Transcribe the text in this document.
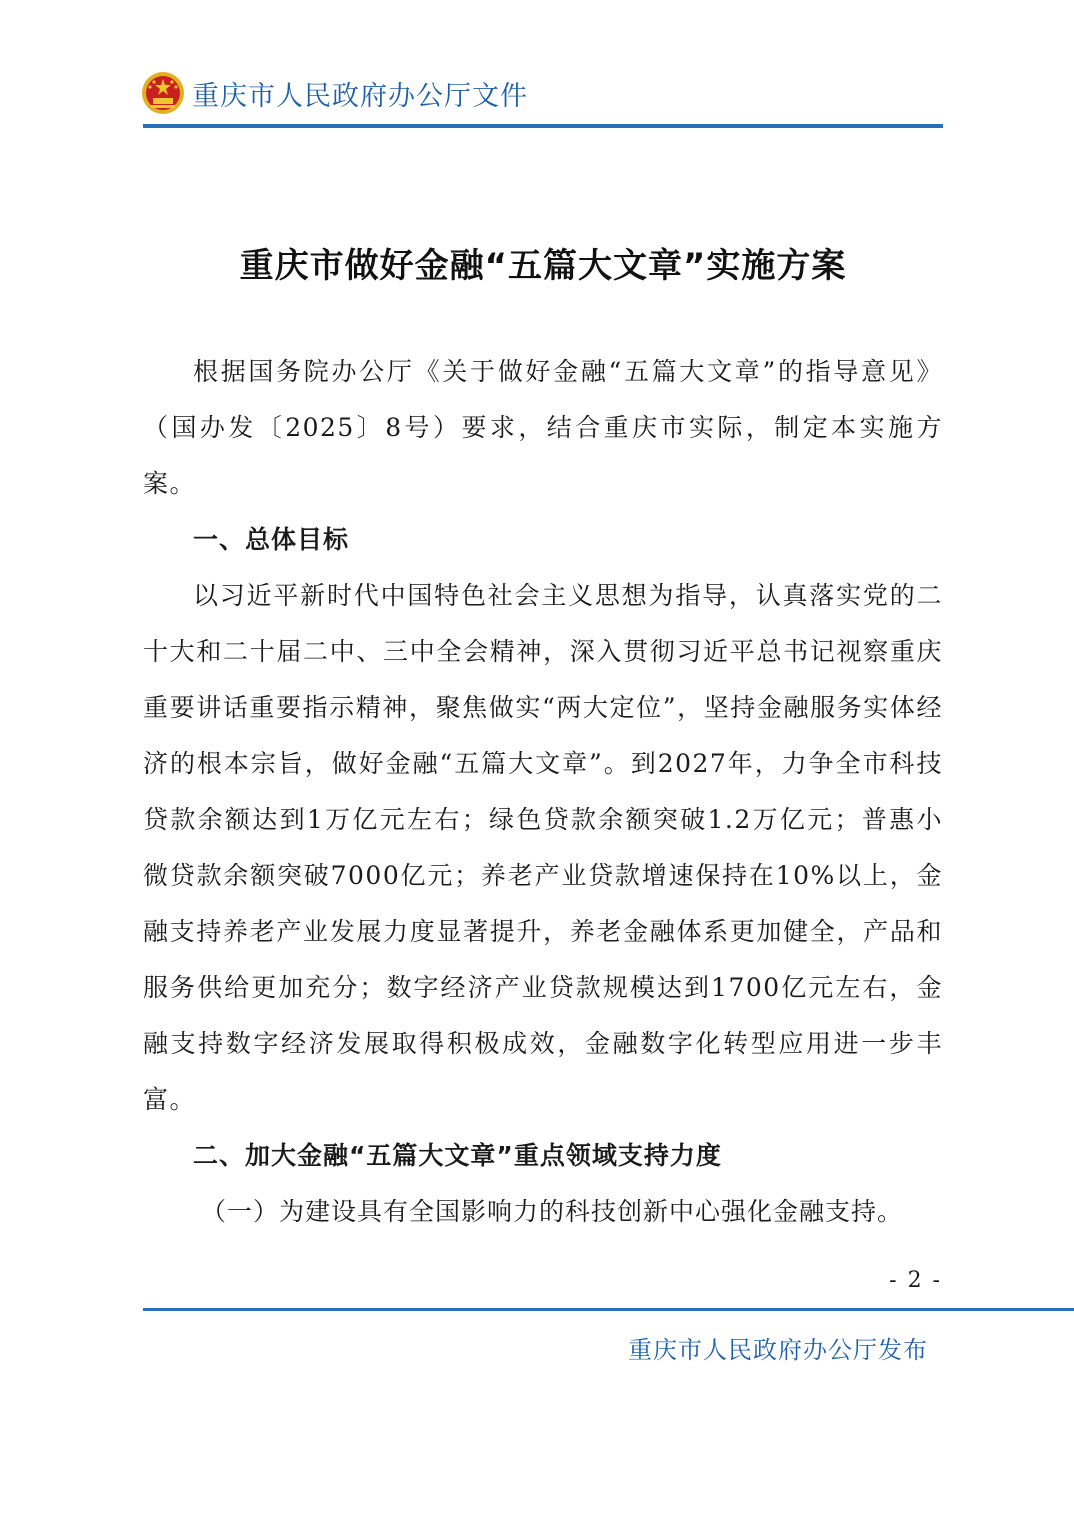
重庆市人民政府办公厅文件
重庆市做好金融“五篇大文章”实施方案

根据国务院办公厅《关于做好金融“五篇大文章”的指导意见》（国办发〔2025〕8号）要求，结合重庆市实际，制定本实施方案。

一、总体目标

以习近平新时代中国特色社会主义思想为指导，认真落实党的二十大和二十届二中、三中全会精神，深入贯彻习近平总书记视察重庆重要讲话重要指示精神，聚焦做实“两大定位”，坚持金融服务实体经济的根本宗旨，做好金融“五篇大文章”。到2027年，力争全市科技贷款余额达到1万亿元左右；绿色贷款余额突破1.2万亿元；普惠小微贷款余额突破7000亿元；养老产业贷款增速保持在10%以上，金融支持养老产业发展力度显著提升，养老金融体系更加健全，产品和服务供给更加充分；数字经济产业贷款规模达到1700亿元左右，金融支持数字经济发展取得积极成效，金融数字化转型应用进一步丰富。

二、加大金融“五篇大文章”重点领域支持力度

（一）为建设具有全国影响力的科技创新中心强化金融支持。

- 2 -
重庆市人民政府办公厅发布
